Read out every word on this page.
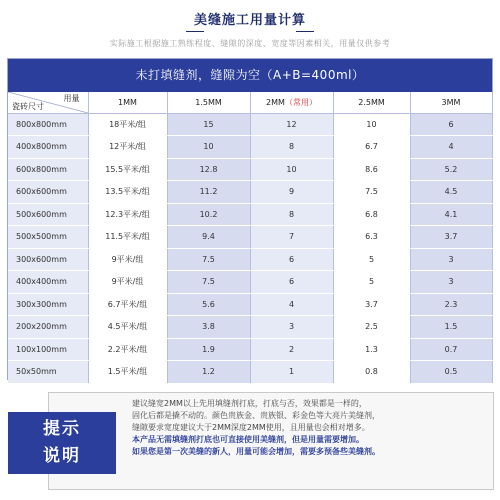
美缝施工用量计算
实际施工根据施工熟练程度、缝隙的深度、宽度等因素相关，用量仅供参考
未打填缝剂，缝隙为空（A+B=400ml）
用量
瓷砖尺寸	1MM	1.5MM	2MM（常用）	2.5MM	3MM
800x800mm	18平米/组	15	12	10	6
400x800mm	12平米/组	10	8	6.7	4
600x800mm	15.5平米/组	12.8	10	8.6	5.2
600x600mm	13.5平米/组	11.2	9	7.5	4.5
500x600mm	12.3平米/组	10.2	8	6.8	4.1
500x500mm	11.5平米/组	9.4	7	6.3	3.7
300x600mm	9平米/组	7.5	6	5	3
400x400mm	9平米/组	7.5	6	5	3
300x300mm	6.7平米/组	5.6	4	3.7	2.3
200x200mm	4.5平米/组	3.8	3	2.5	1.5
100x100mm	2.2平米/组	1.9	2	1.3	0.7
50x50mm	1.5平米/组	1.2	1	0.8	0.5
提示
说明
建议缝宽2MM以上先用填缝剂打底，打底与否，效果都是一样的，
固化后都是撬不动的。颜色贵族金、贵族银、彩金色等大亮片美缝剂，
缝隙要求宽度建议大于2MM深度2MM使用，且用量也会相对增多。
本产品无需填缝剂打底也可直接使用美缝剂，但是用量需要增加。
如果您是第一次美缝的新人，用量可能会增加，需要多预备些美缝剂。
